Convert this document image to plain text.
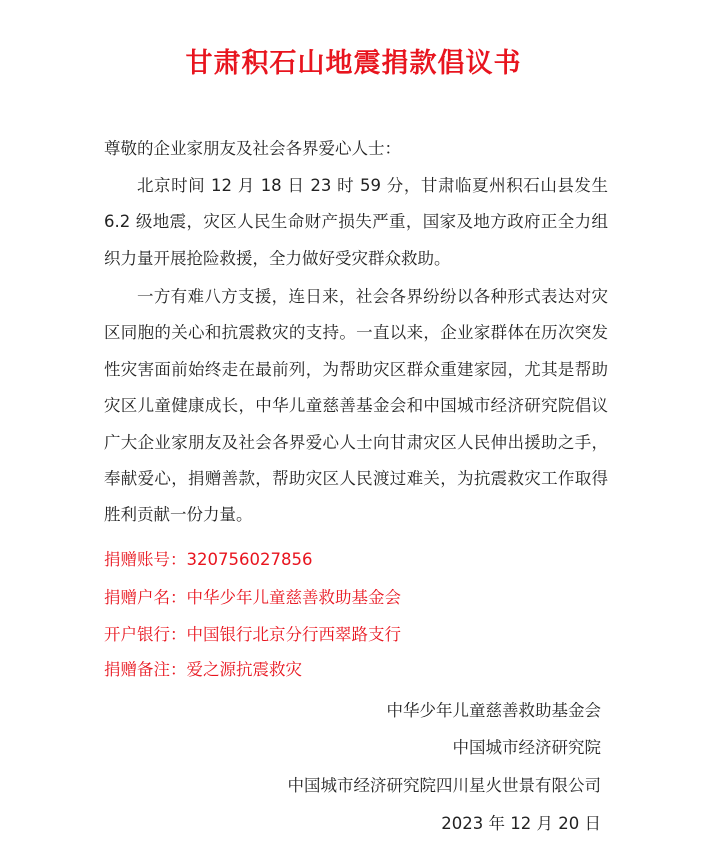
甘肃积石山地震捐款倡议书
尊敬的企业家朋友及社会各界爱心人士：

北京时间 12 月 18 日 23 时 59 分，甘肃临夏州积石山县发生 6.2 级地震，灾区人民生命财产损失严重，国家及地方政府正全力组织力量开展抢险救援，全力做好受灾群众救助。

一方有难八方支援，连日来，社会各界纷纷以各种形式表达对灾区同胞的关心和抗震救灾的支持。一直以来，企业家群体在历次突发性灾害面前始终走在最前列，为帮助灾区群众重建家园，尤其是帮助灾区儿童健康成长，中华儿童慈善基金会和中国城市经济研究院倡议广大企业家朋友及社会各界爱心人士向甘肃灾区人民伸出援助之手，奉献爱心，捐赠善款，帮助灾区人民渡过难关，为抗震救灾工作取得胜利贡献一份力量。

捐赠账号：320756027856
捐赠户名：中华少年儿童慈善救助基金会
开户银行：中国银行北京分行西翠路支行
捐赠备注：爱之源抗震救灾
中华少年儿童慈善救助基金会
中国城市经济研究院
中国城市经济研究院四川星火世景有限公司
2023 年 12 月 20 日
